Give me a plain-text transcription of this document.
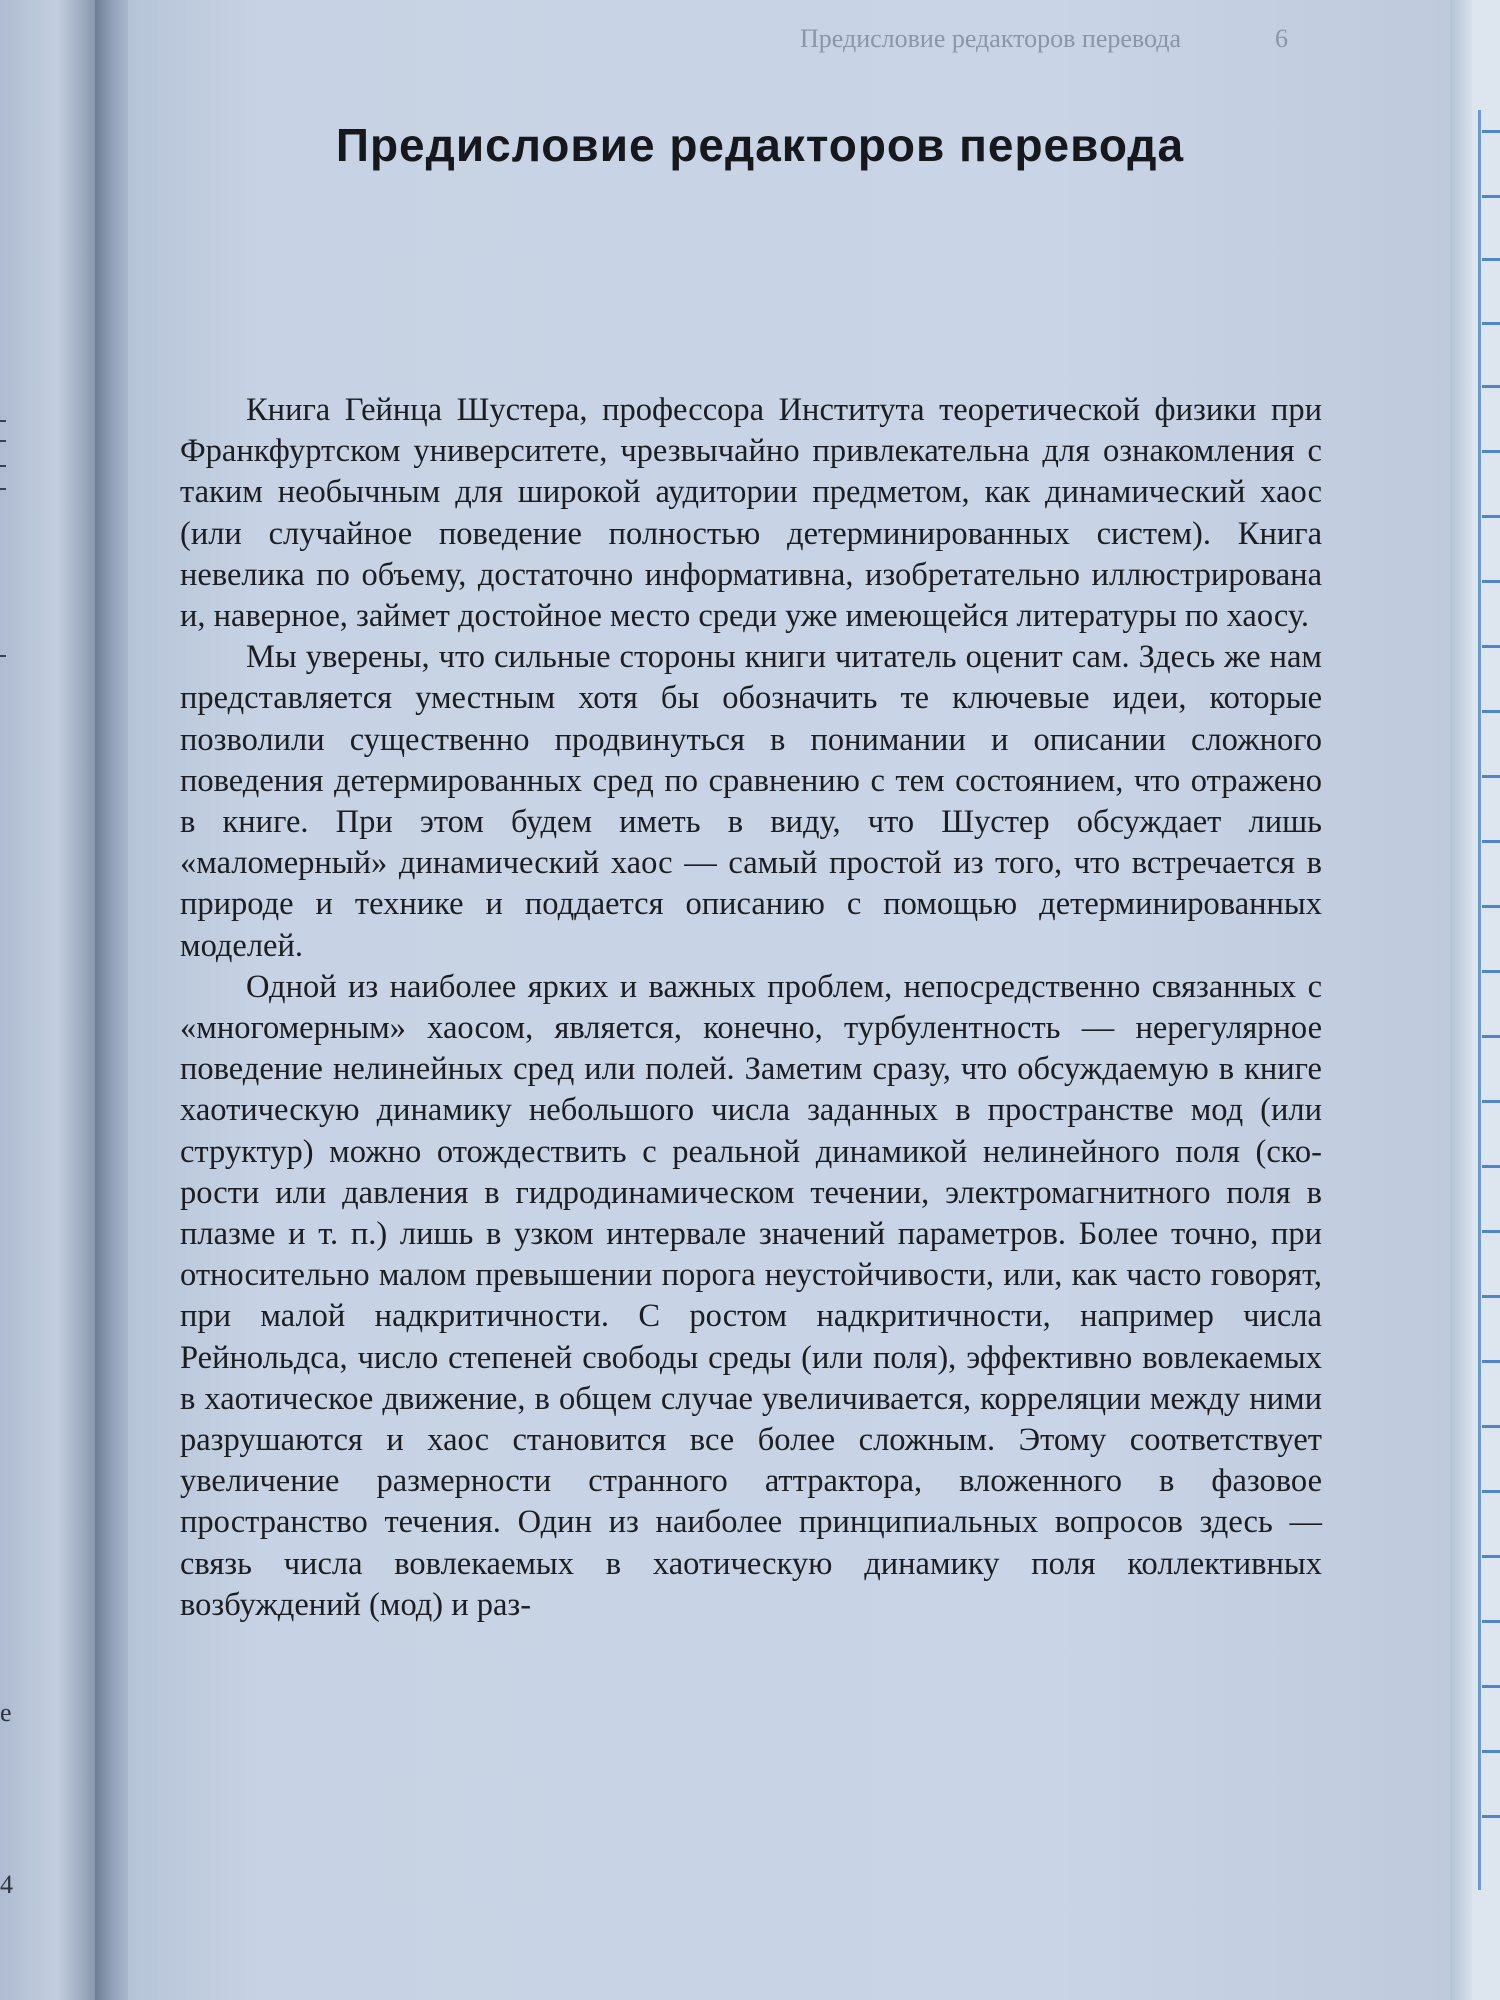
e
4
Предисловие редакторов перевода	6
Предисловие редакторов перевода

Книга Гейнца Шустера, профессора Института теоретической физики при Франкфуртском университете, чрезвычайно привлекательна для ознакомления с таким необычным для широкой аудитории предметом, как динамический хаос (или случайное поведение полностью детерминированных систем). Книга невелика по объему, достаточно информативна, изобретательно иллюстрирована и, наверное, займет достойное место среди уже имеющейся литературы по хаосу.

Мы уверены, что сильные стороны книги читатель оценит сам. Здесь же нам представляется уместным хотя бы обозначить те ключевые идеи, которые позволили существенно продвинуться в понимании и описании сложного поведения детермированных сред по сравнению с тем состоянием, что отражено в книге. При этом будем иметь в виду, что Шустер обсуждает лишь «маломерный» динамический хаос — самый простой из того, что встречается в природе и технике и поддается описанию с помощью детерминированных моделей.

Одной из наиболее ярких и важных проблем, непосредственно связанных с «многомерным» хаосом, является, конечно, турбулентность — нерегулярное поведение нелинейных сред или полей. Заметим сразу, что обсуждаемую в книге хаотическую динамику небольшого числа заданных в пространстве мод (или структур) можно отождествить с реальной динамикой нелинейного поля (скорости или давления в гидродинамическом течении, электромагнитного поля в плазме и т. п.) лишь в узком интервале значений параметров. Более точно, при относительно малом превышении порога неустойчивости, или, как часто говорят, при малой надкритичности. С ростом надкритичности, например числа Рейнольдса, число степеней свободы среды (или поля), эффективно вовлекаемых в хаотическое движение, в общем случае увеличивается, корреляции между ними разрушаются и хаос становится все более сложным. Этому соответствует увеличение размерности странного аттрактора, вложенного в фазовое пространство течения. Один из наиболее принципиальных вопросов здесь — связь числа вовлекаемых в хаотическую динамику поля коллективных возбуждений (мод) и раз-
